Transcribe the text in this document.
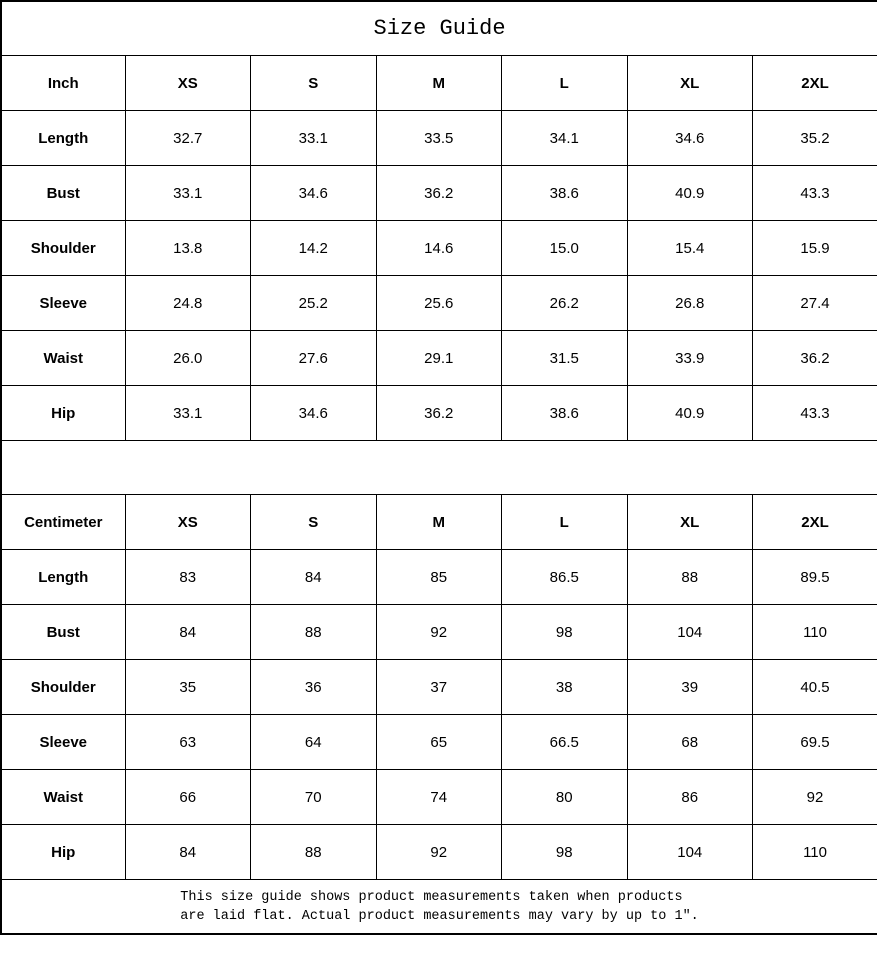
Size Guide						
Inch	XS	S	M	L	XL	2XL
Length	32.7	33.1	33.5	34.1	34.6	35.2
Bust	33.1	34.6	36.2	38.6	40.9	43.3
Shoulder	13.8	14.2	14.6	15.0	15.4	15.9
Sleeve	24.8	25.2	25.6	26.2	26.8	27.4
Waist	26.0	27.6	29.1	31.5	33.9	36.2
Hip	33.1	34.6	36.2	38.6	40.9	43.3

Centimeter	XS	S	M	L	XL	2XL
Length	83	84	85	86.5	88	89.5
Bust	84	88	92	98	104	110
Shoulder	35	36	37	38	39	40.5
Sleeve	63	64	65	66.5	68	69.5
Waist	66	70	74	80	86	92
Hip	84	88	92	98	104	110

This size guide shows product measurements taken when products
are laid flat. Actual product measurements may vary by up to 1″.						
